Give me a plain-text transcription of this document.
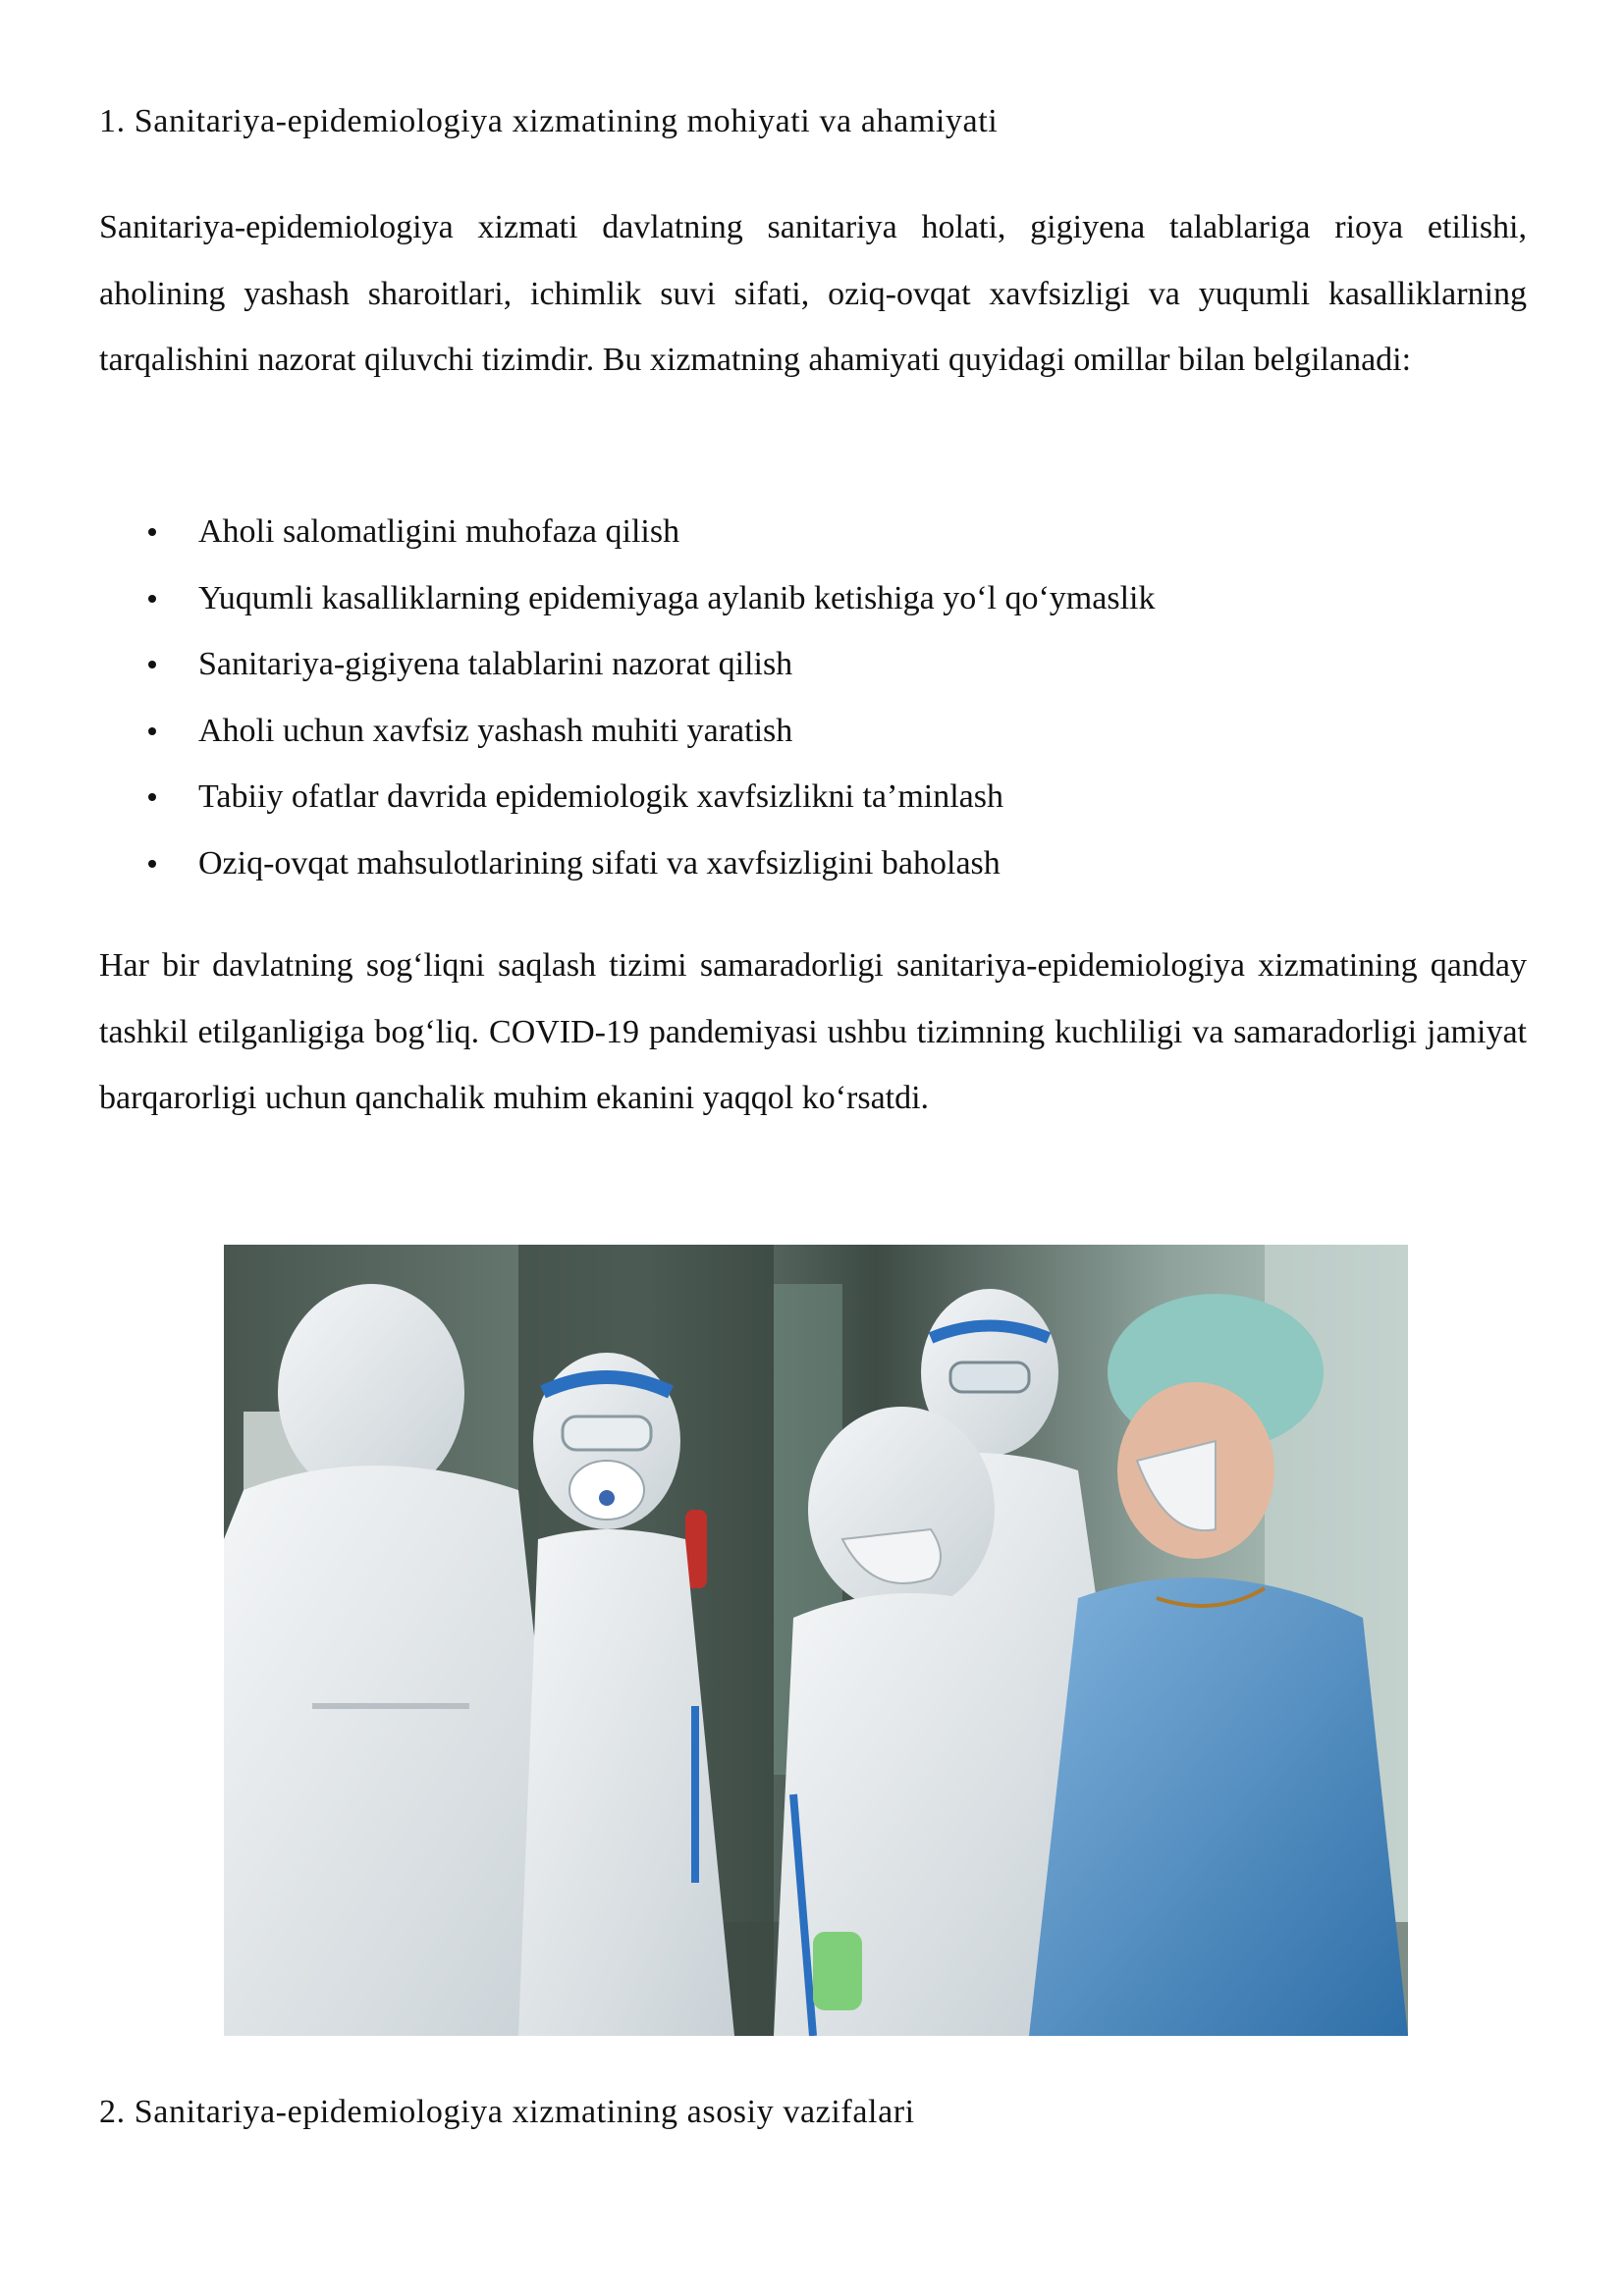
1. Sanitariya-epidemiologiya xizmatining mohiyati va ahamiyati

Sanitariya-epidemiologiya xizmati davlatning sanitariya holati, gigiyena talablariga rioya etilishi, aholining yashash sharoitlari, ichimlik suvi sifati, oziq-ovqat xavfsizligi va yuqumli kasalliklarning tarqalishini nazorat qiluvchi tizimdir. Bu xizmatning ahamiyati quyidagi omillar bilan belgilanadi:

Aholi salomatligini muhofaza qilish
Yuqumli kasalliklarning epidemiyaga aylanib ketishiga yo‘l qo‘ymaslik
Sanitariya-gigiyena talablarini nazorat qilish
Aholi uchun xavfsiz yashash muhiti yaratish
Tabiiy ofatlar davrida epidemiologik xavfsizlikni ta’minlash
Oziq-ovqat mahsulotlarining sifati va xavfsizligini baholash

Har bir davlatning sog‘liqni saqlash tizimi samaradorligi sanitariya-epidemiologiya xizmatining qanday tashkil etilganligiga bog‘liq. COVID-19 pandemiyasi ushbu tizimning kuchliligi va samaradorligi jamiyat barqarorligi uchun qanchalik muhim ekanini yaqqol ko‘rsatdi.

2. Sanitariya-epidemiologiya xizmatining asosiy vazifalari
